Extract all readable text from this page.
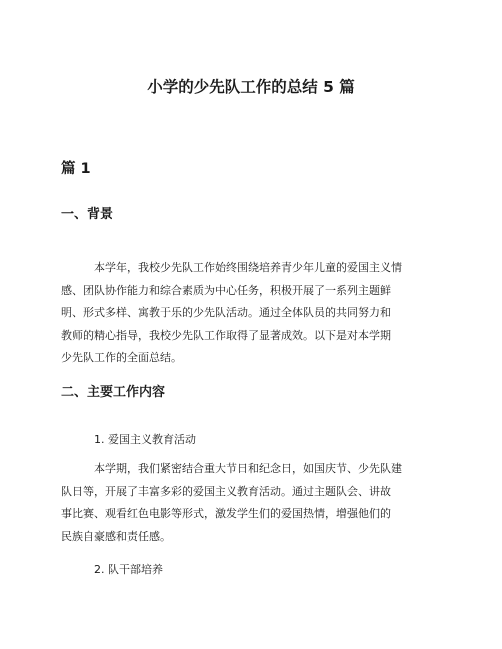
小学的少先队工作的总结 5 篇
篇 1
一、背景

本学年，我校少先队工作始终围绕培养青少年儿童的爱国主义情
感、团队协作能力和综合素质为中心任务，积极开展了一系列主题鲜
明、形式多样、寓教于乐的少先队活动。通过全体队员的共同努力和
教师的精心指导，我校少先队工作取得了显著成效。以下是对本学期
少先队工作的全面总结。

二、主要工作内容

1. 爱国主义教育活动

本学期，我们紧密结合重大节日和纪念日，如国庆节、少先队建
队日等，开展了丰富多彩的爱国主义教育活动。通过主题队会、讲故
事比赛、观看红色电影等形式，激发学生们的爱国热情，增强他们的
民族自豪感和责任感。

2. 队干部培养
